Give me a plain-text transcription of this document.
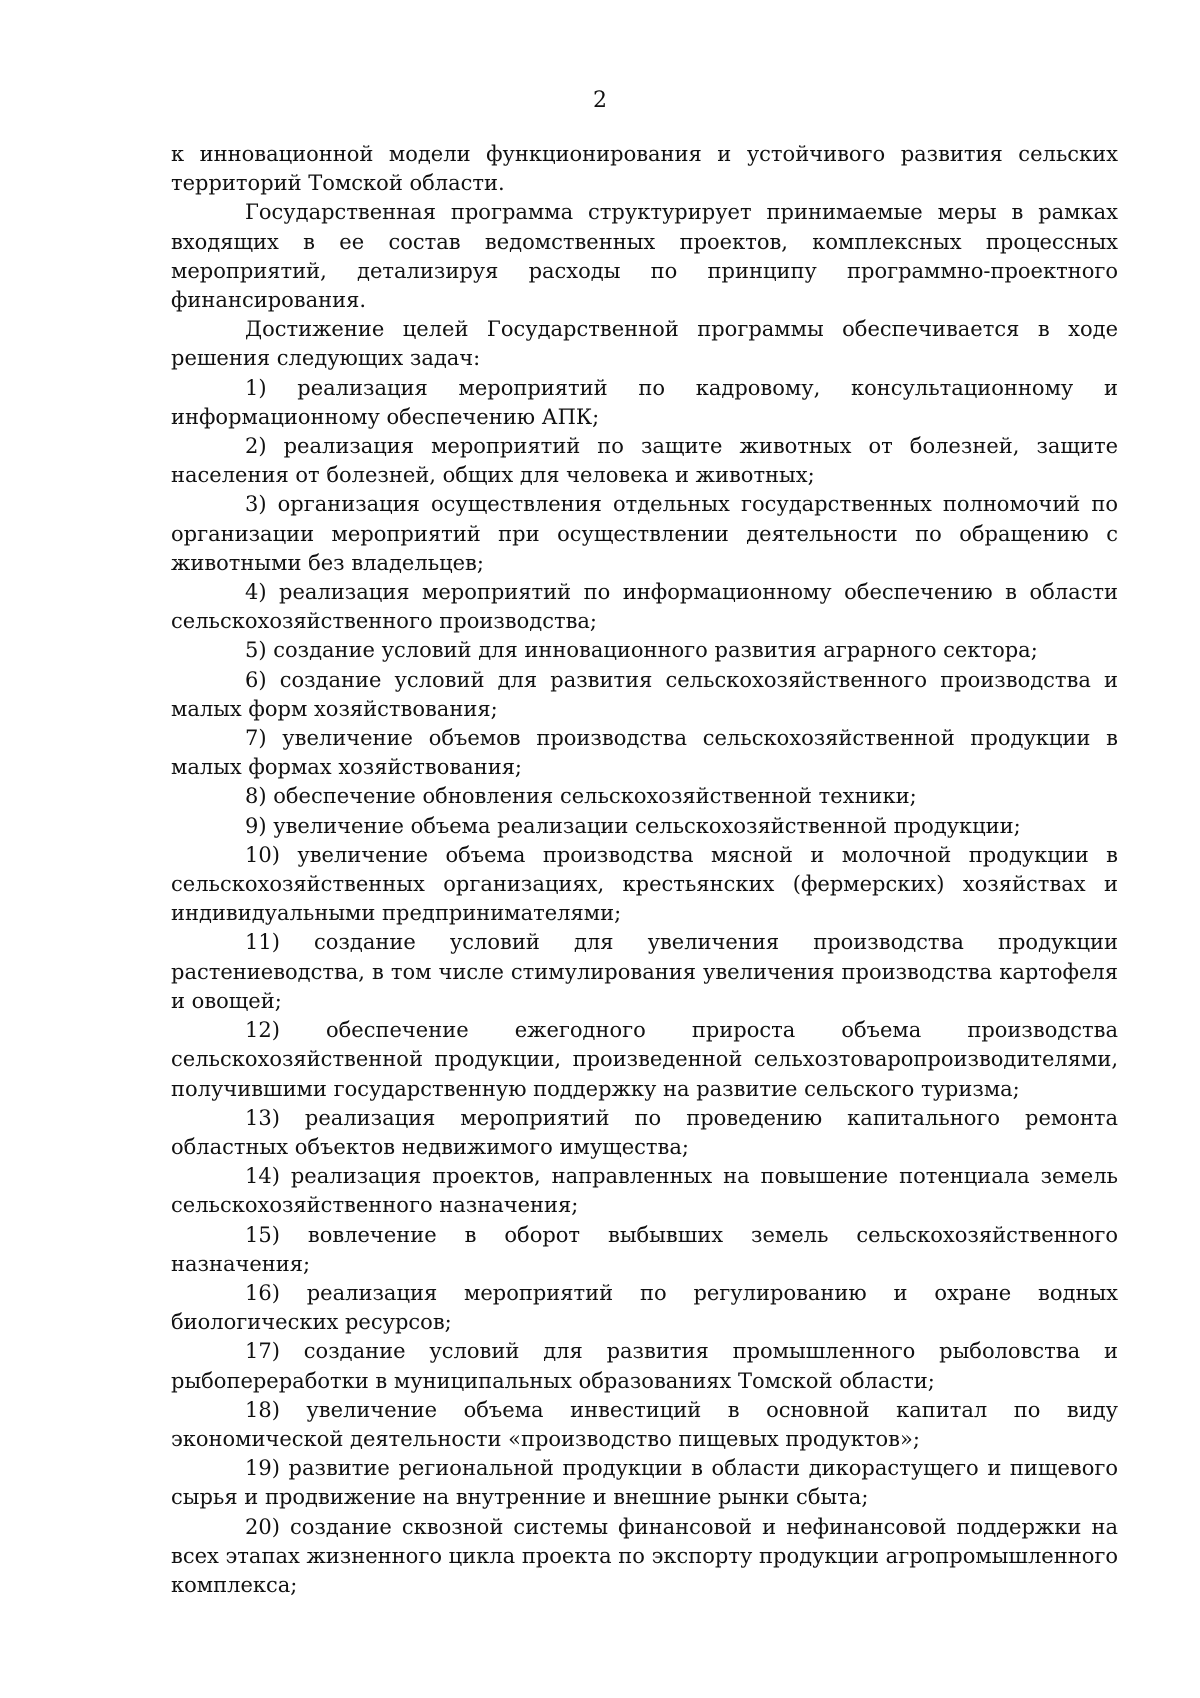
2

к инновационной модели функционирования и устойчивого развития сельских территорий Томской области.

Государственная программа структурирует принимаемые меры в рамках входящих в ее состав ведомственных проектов, комплексных процессных мероприятий, детализируя расходы по принципу программно-проектного финансирования.

Достижение целей Государственной программы обеспечивается в ходе решения следующих задач:

1) реализация мероприятий по кадровому, консультационному и информационному обеспечению АПК;

2) реализация мероприятий по защите животных от болезней, защите населения от болезней, общих для человека и животных;

3) организация осуществления отдельных государственных полномочий по организации мероприятий при осуществлении деятельности по обращению с животными без владельцев;

4) реализация мероприятий по информационному обеспечению в области сельскохозяйственного производства;

5) создание условий для инновационного развития аграрного сектора;

6) создание условий для развития сельскохозяйственного производства и малых форм хозяйствования;

7) увеличение объемов производства сельскохозяйственной продукции в малых формах хозяйствования;

8) обеспечение обновления сельскохозяйственной техники;

9) увеличение объема реализации сельскохозяйственной продукции;

10) увеличение объема производства мясной и молочной продукции в сельскохозяйственных организациях, крестьянских (фермерских) хозяйствах и индивидуальными предпринимателями;

11) создание условий для увеличения производства продукции растениеводства, в том числе стимулирования увеличения производства картофеля и овощей;

12) обеспечение ежегодного прироста объема производства сельскохозяйственной продукции, произведенной сельхозтоваропроизводителями, получившими государственную поддержку на развитие сельского туризма;

13) реализация мероприятий по проведению капитального ремонта областных объектов недвижимого имущества;

14) реализация проектов, направленных на повышение потенциала земель сельскохозяйственного назначения;

15) вовлечение в оборот выбывших земель сельскохозяйственного назначения;

16) реализация мероприятий по регулированию и охране водных биологических ресурсов;

17) создание условий для развития промышленного рыболовства и рыбопереработки в муниципальных образованиях Томской области;

18) увеличение объема инвестиций в основной капитал по виду экономической деятельности «производство пищевых продуктов»;

19) развитие региональной продукции в области дикорастущего и пищевого сырья и продвижение на внутренние и внешние рынки сбыта;

20) создание сквозной системы финансовой и нефинансовой поддержки на всех этапах жизненного цикла проекта по экспорту продукции агропромышленного комплекса;
